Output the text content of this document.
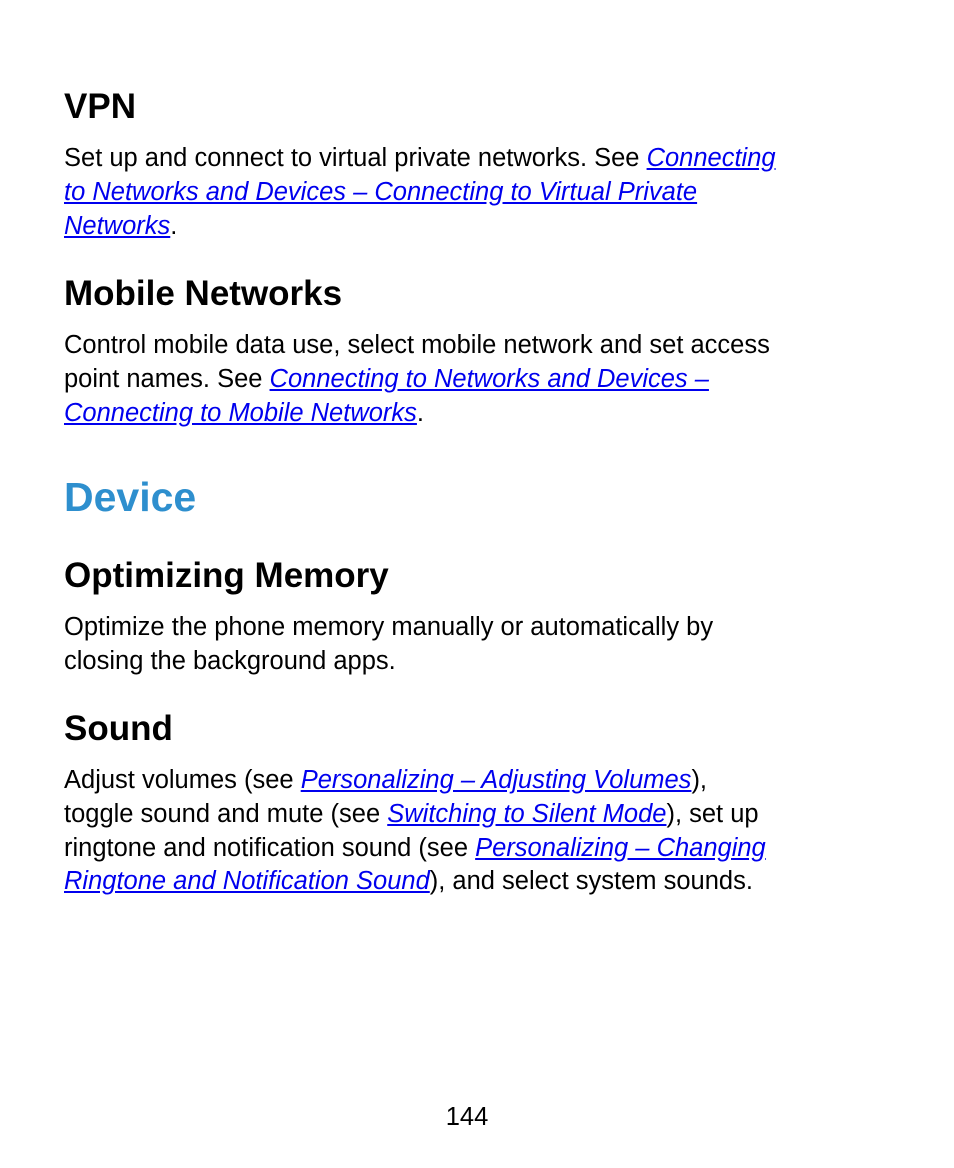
VPN

Set up and connect to virtual private networks. See Connecting
to Networks and Devices – Connecting to Virtual Private
Networks.

Mobile Networks

Control mobile data use, select mobile network and set access
point names. See Connecting to Networks and Devices –
Connecting to Mobile Networks.

Device
Optimizing Memory

Optimize the phone memory manually or automatically by
closing the background apps.

Sound

Adjust volumes (see Personalizing – Adjusting Volumes),
toggle sound and mute (see Switching to Silent Mode), set up
ringtone and notification sound (see Personalizing – Changing
Ringtone and Notification Sound), and select system sounds.

144
